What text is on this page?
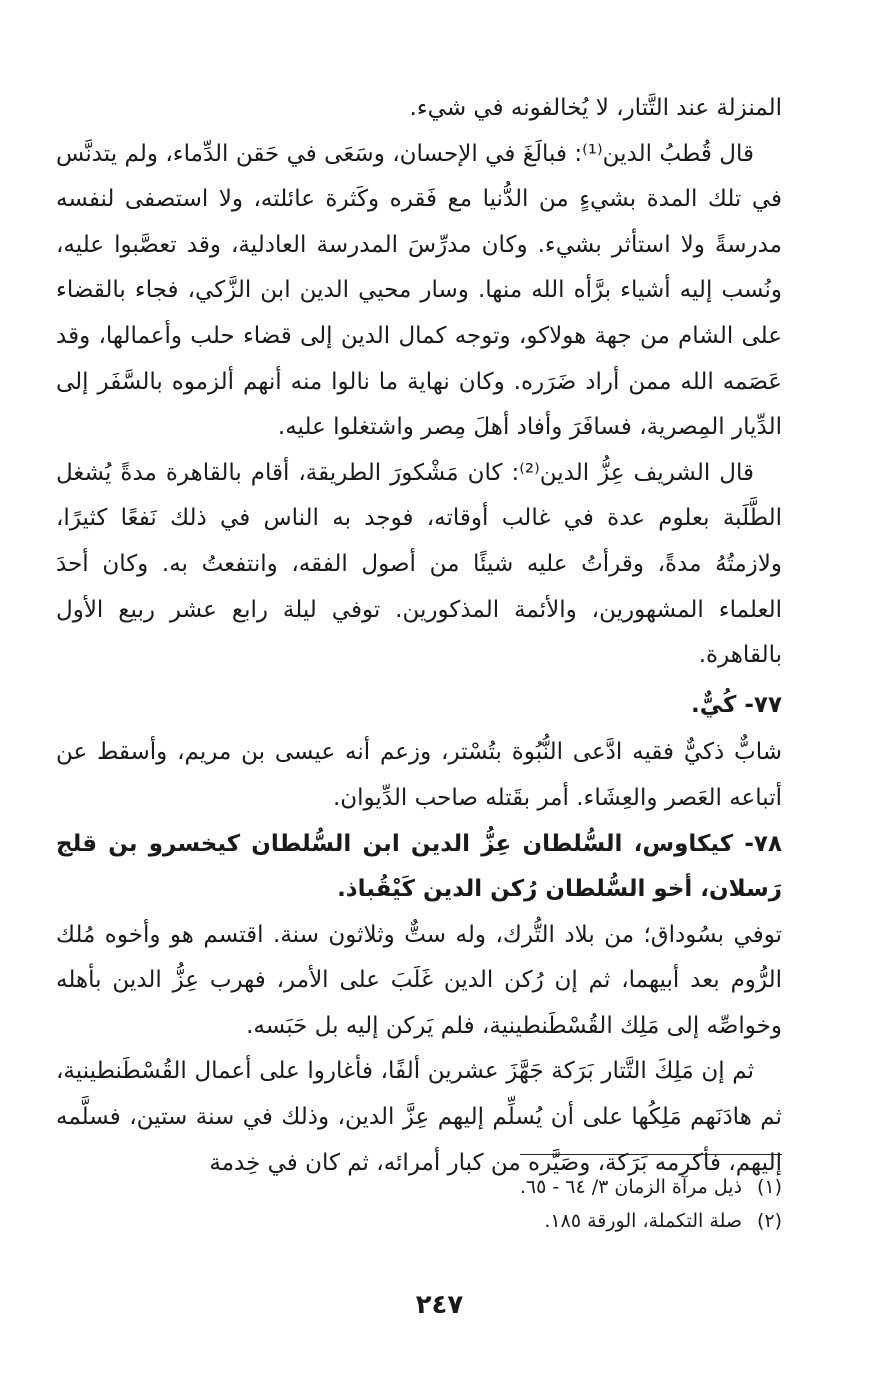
المنزلة عند التَّتار، لا يُخالفونه في شيء.

قال قُطبُ الدين⁽¹⁾: فبالَغَ في الإحسان، وسَعَى في حَقن الدِّماء، ولم يتدنَّس في تلك المدة بشيءٍ من الدُّنيا مع فَقره وكَثرة عائلته، ولا استصفى لنفسه مدرسةً ولا استأثر بشيء. وكان مدرِّسَ المدرسة العادلية، وقد تعصَّبوا عليه، ونُسب إليه أشياء برَّأه الله منها. وسار محيي الدين ابن الزَّكي، فجاء بالقضاء على الشام من جهة هولاكو، وتوجه كمال الدين إلى قضاء حلب وأعمالها، وقد عَصَمه الله ممن أراد ضَرَره. وكان نهاية ما نالوا منه أنهم ألزموه بالسَّفَر إلى الدِّيار المِصرية، فسافَرَ وأفاد أهلَ مِصر واشتغلوا عليه.

قال الشريف عِزُّ الدين⁽²⁾: كان مَشْكورَ الطريقة، أقام بالقاهرة مدةً يُشغل الطَّلَبة بعلوم عدة في غالب أوقاته، فوجد به الناس في ذلك نَفعًا كثيرًا، ولازمتُهُ مدةً، وقرأتُ عليه شيئًا من أصول الفقه، وانتفعتُ به. وكان أحدَ العلماء المشهورين، والأئمة المذكورين. توفي ليلة رابع عشر ربيع الأول بالقاهرة.

٧٧- كُيٌّ.

شابٌّ ذكيٌّ فقيه ادَّعى النُّبُوة بتُسْتر، وزعم أنه عيسى بن مريم، وأسقط عن أتباعه العَصر والعِشَاء. أمر بقَتله صاحب الدِّيوان.

٧٨- كيكاوس، السُّلطان عِزُّ الدين ابن السُّلطان كيخسرو بن قلج رَسلان، أخو السُّلطان رُكن الدين كَيْقُباذ.

توفي بسُوداق؛ من بلاد التُّرك، وله ستٌّ وثلاثون سنة. اقتسم هو وأخوه مُلك الرُّوم بعد أبيهما، ثم إن رُكن الدين غَلَبَ على الأمر، فهرب عِزُّ الدين بأهله وخواصِّه إلى مَلِك القُسْطَنطينية، فلم يَركن إليه بل حَبَسه.

ثم إن مَلِكَ التَّتار بَرَكة جَهَّزَ عشرين ألفًا، فأغاروا على أعمال القُسْطَنطينية، ثم هادَنَهم مَلِكُها على أن يُسلِّم إليهم عِزَّ الدين، وذلك في سنة ستين، فسلَّمه إليهم، فأكرمه بَرَكة، وصَيَّره من كبار أمرائه، ثم كان في خِدمة

(١)
ذيل مرآة الزمان ٣/ ٦٤ - ٦٥.

(٢)
صلة التكملة، الورقة ١٨٥.

٢٤٧
